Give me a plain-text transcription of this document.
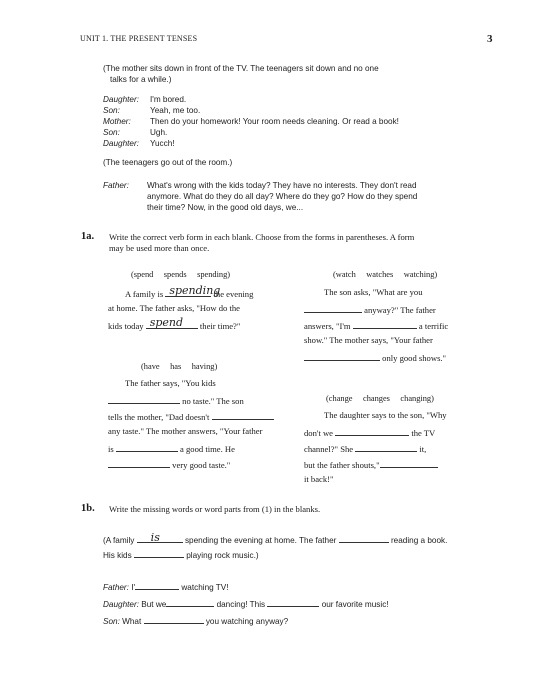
UNIT 1. THE PRESENT TENSES	3
(The mother sits down in front of the TV. The teenagers sit down and no one
talks for a while.)
Daughter: I'm bored.
Son:	Yeah, me too.
Mother: Then do your homework! Your room needs cleaning. Or read a book!
Son:	Ugh.
Daughter: Yucch!
(The teenagers go out of the room.)
Father: What's wrong with the kids today? They have no interests. They don't read
anymore. What do they do all day? Where do they go? How do they spend
their time? Now, in the good old days, we...
1a. Write the correct verb form in each blank. Choose from the forms in parentheses. A form
may be used more than once.
(spend     spends     spending)
A family is spending
the evening
at home. The father asks, "How do the
kids today spend their time?"
(watch     watches     watching)
The son asks, "What are you
anyway?" The father
answers, "I'm	a terrific
show." The mother says, "Your father
only good shows."
(have     has     having)
The father says, "You kids
no taste." The son
tells the mother, "Dad doesn't
any taste." The mother answers, "Your father
is	a good time. He
very good taste."
(change     changes     changing)
The daughter says to the son, "Why
don't we	the TV
channel?" She	it,
but the father shouts,"
it back!"
1b. Write the missing words or word parts from (1) in the blanks.
(A family is	spending the evening at home. The father	reading a book.
His kids	playing rock music.)
Father: I'	watching TV!
Daughter: But we	dancing! This	our favorite music!
Son: What	you watching anyway?
